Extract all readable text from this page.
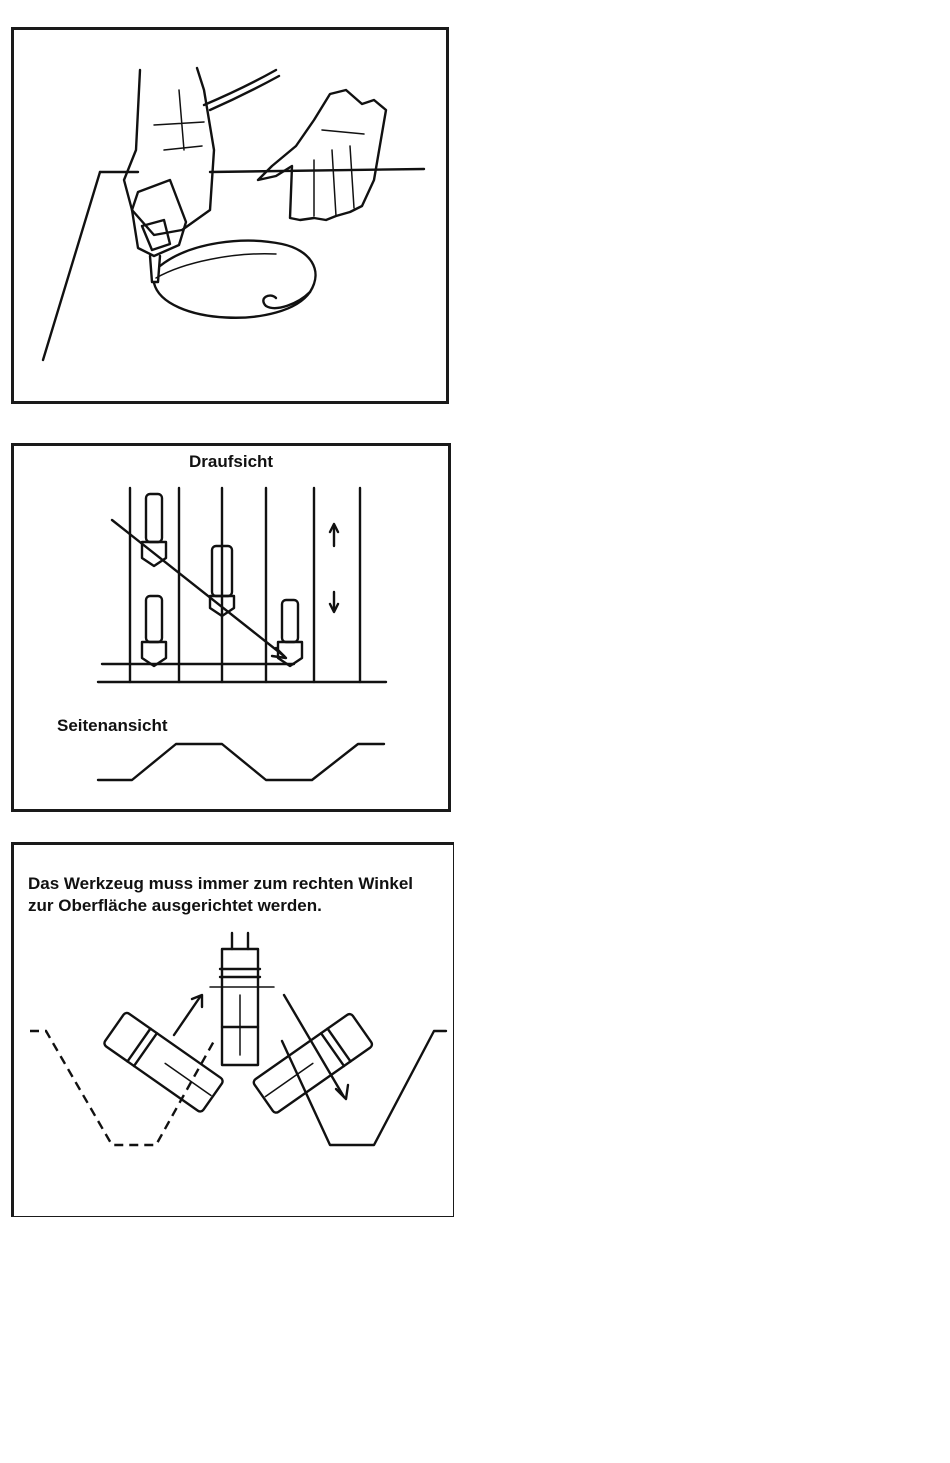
Draufsicht
Seitenansicht
Das Werkzeug muss immer zum rechten Winkel
zur Oberfläche ausgerichtet werden.
